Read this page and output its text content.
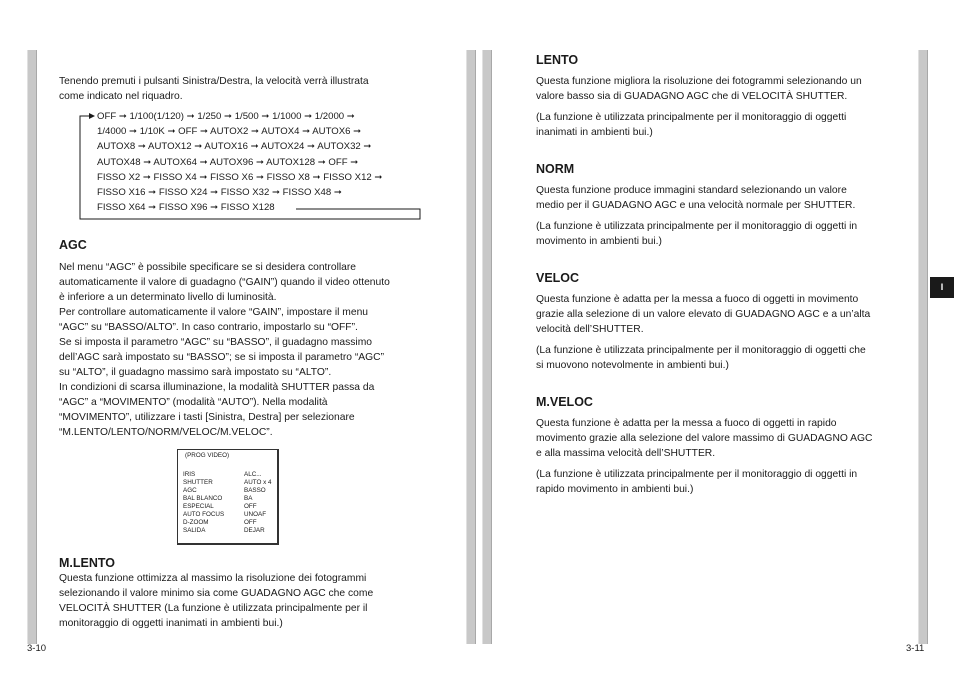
Tenendo premuti i pulsanti Sinistra/Destra, la velocità verrà illustrata
come indicato nel riquadro.
OFF ➞ 1/100(1/120) ➞ 1/250 ➞ 1/500 ➞ 1/1000 ➞ 1/2000 ➞
1/4000 ➞ 1/10K ➞ OFF ➞ AUTOX2 ➞ AUTOX4 ➞ AUTOX6 ➞
AUTOX8 ➞ AUTOX12 ➞ AUTOX16 ➞ AUTOX24 ➞ AUTOX32 ➞
AUTOX48 ➞ AUTOX64 ➞ AUTOX96 ➞ AUTOX128 ➞ OFF ➞
FISSO X2 ➞ FISSO X4 ➞ FISSO X6 ➞ FISSO X8 ➞ FISSO X12 ➞
FISSO X16 ➞ FISSO X24 ➞ FISSO X32 ➞ FISSO X48 ➞
FISSO X64 ➞ FISSO X96 ➞ FISSO X128
AGC
Nel menu “AGC” è possibile specificare se si desidera controllare
automaticamente il valore di guadagno (“GAIN”) quando il video ottenuto
è inferiore a un determinato livello di luminosità.
Per controllare automaticamente il valore “GAIN”, impostare il menu
“AGC” su “BASSO/ALTO”. In caso contrario, impostarlo su “OFF”.
Se si imposta il parametro “AGC” su “BASSO”, il guadagno massimo
dell’AGC sarà impostato su “BASSO”; se si imposta il parametro “AGC”
su “ALTO”, il guadagno massimo sarà impostato su “ALTO”.
In condizioni di scarsa illuminazione, la modalità SHUTTER passa da
“AGC” a “MOVIMENTO” (modalità “AUTO”). Nella modalità
“MOVIMENTO”, utilizzare i tasti [Sinistra, Destra] per selezionare
“M.LENTO/LENTO/NORM/VELOC/M.VELOC”.
(PROG VIDEO)
IRIS	ALC...
SHUTTER	AUTO x 4
AGC	BASSO
BAL BLANCO	BA
ESPECIAL	OFF
AUTO FOCUS	UNOAF
D-ZOOM	OFF
SALIDA	DEJAR
M.LENTO
Questa funzione ottimizza al massimo la risoluzione dei fotogrammi
selezionando il valore minimo sia come GUADAGNO AGC che come
VELOCITÀ SHUTTER (La funzione è utilizzata principalmente per il
monitoraggio di oggetti inanimati in ambienti bui.)
3-10
LENTO
Questa funzione migliora la risoluzione dei fotogrammi selezionando un
valore basso sia di GUADAGNO AGC che di VELOCITÀ SHUTTER.
(La funzione è utilizzata principalmente per il monitoraggio di oggetti
inanimati in ambienti bui.)
NORM
Questa funzione produce immagini standard selezionando un valore
medio per il GUADAGNO AGC e una velocità normale per SHUTTER.
(La funzione è utilizzata principalmente per il monitoraggio di oggetti in
movimento in ambienti bui.)
VELOC
Questa funzione è adatta per la messa a fuoco di oggetti in movimento
grazie alla selezione di un valore elevato di GUADAGNO AGC e a un’alta
velocità dell’SHUTTER.
(La funzione è utilizzata principalmente per il monitoraggio di oggetti che
si muovono notevolmente in ambienti bui.)
M.VELOC
Questa funzione è adatta per la messa a fuoco di oggetti in rapido
movimento grazie alla selezione del valore massimo di GUADAGNO AGC
e alla massima velocità dell’SHUTTER.
(La funzione è utilizzata principalmente per il monitoraggio di oggetti in
rapido movimento in ambienti bui.)
I
3-11
